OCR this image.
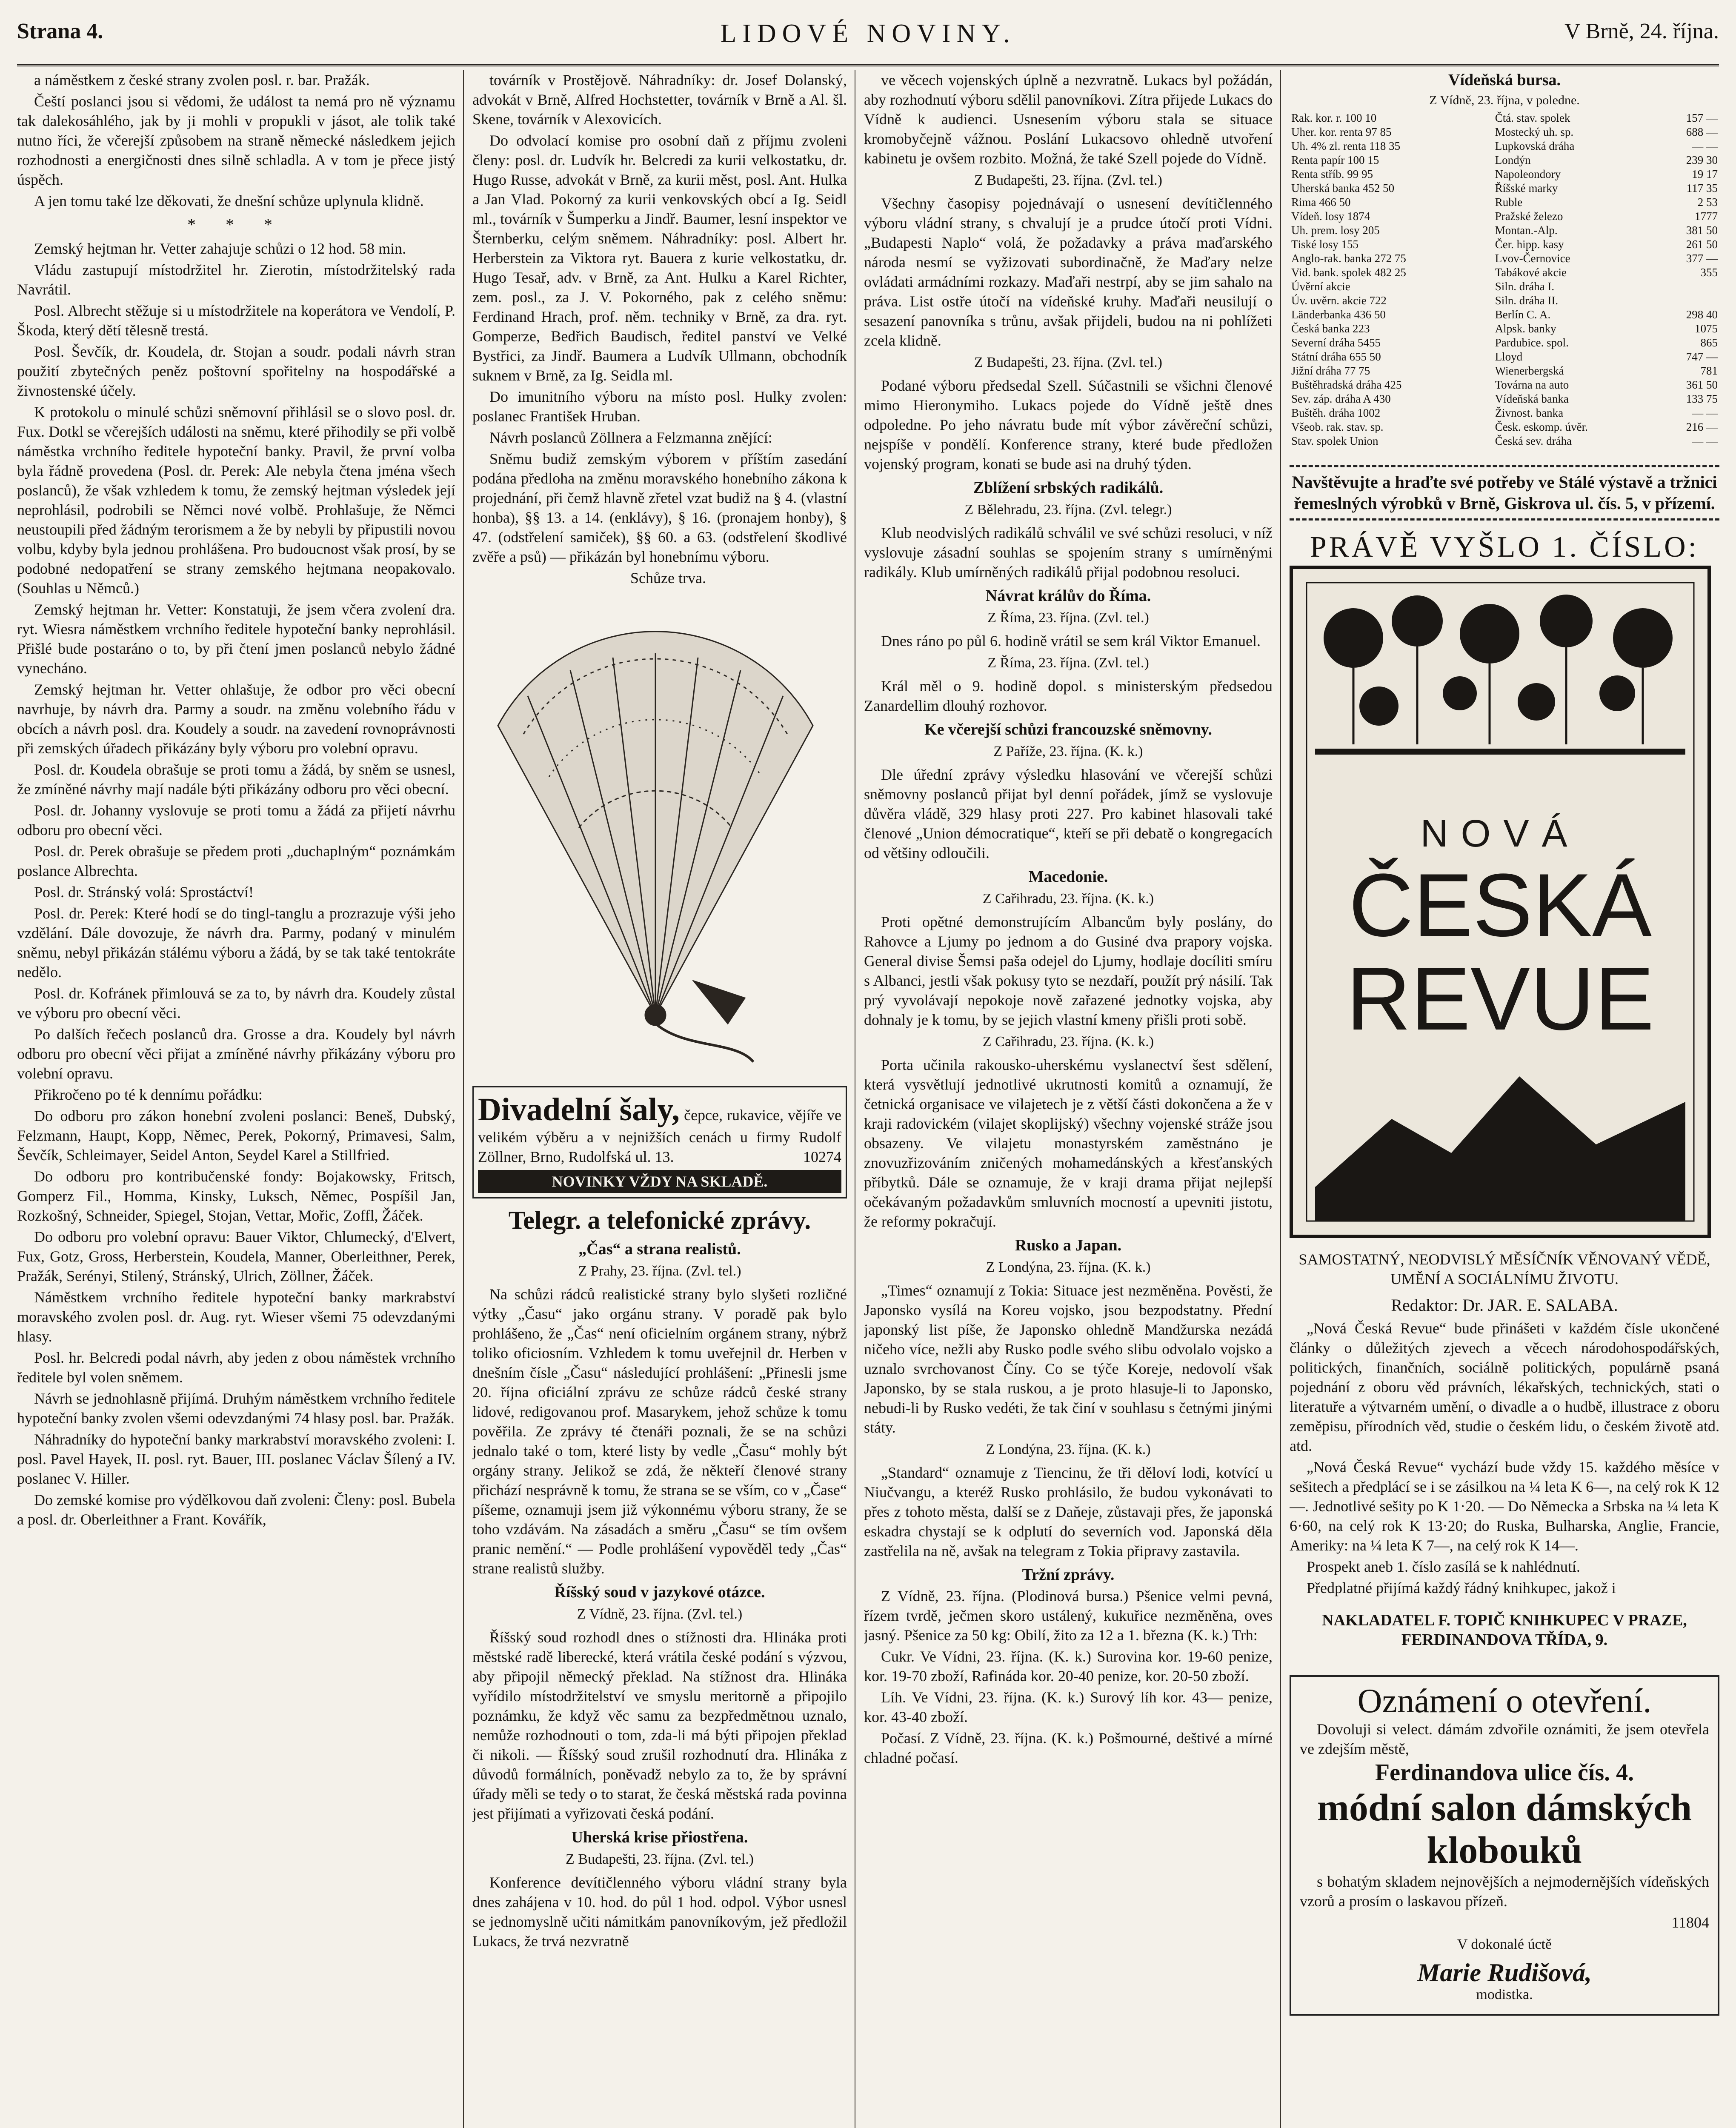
Strana 4.	LIDOVÉ NOVINY.	V Brně, 24. října.

a náměstkem z české strany zvolen posl. r. bar. Pražák.

Čeští poslanci jsou si vědomi, že událost ta nemá pro ně významu tak dalekosáhlého, jak by ji mohli v propukli v jásot, ale tolik také nutno říci, že včerejší způsobem na straně německé následkem jejich rozhodnosti a energičnosti dnes silně schladla. A v tom je přece jistý úspěch.

A jen tomu také lze děkovati, že dnešní schůze uplynula klidně.

* * *

Zemský hejtman hr. Vetter zahajuje schůzi o 12 hod. 58 min.

Vládu zastupují místodržitel hr. Zierotin, místodržitelský rada Navrátil.

Posl. Albrecht stěžuje si u místodržitele na koperátora ve Vendolí, P. Škoda, který dětí tělesně trestá.

Posl. Ševčík, dr. Koudela, dr. Stojan a soudr. podali návrh stran použití zbytečných peněz poštovní spořitelny na hospodářské a živnostenské účely.

K protokolu o minulé schůzi sněmovní přihlásil se o slovo posl. dr. Fux. Dotkl se včerejších události na sněmu, které přihodily se při volbě náměstka vrchního ředitele hypoteční banky. Pravil, že první volba byla řádně provedena (Posl. dr. Perek: Ale nebyla čtena jména všech poslanců), že však vzhledem k tomu, že zemský hejtman výsledek její neprohlásil, podrobili se Němci nové volbě. Prohlašuje, že Němci neustoupili před žádným terorismem a že by nebyli by připustili novou volbu, kdyby byla jednou prohlášena. Pro budoucnost však prosí, by se podobné nedopatření se strany zemského hejtmana neopakovalo. (Souhlas u Němců.)

Zemský hejtman hr. Vetter: Konstatuji, že jsem včera zvolení dra. ryt. Wiesra náměstkem vrchního ředitele hypoteční banky neprohlásil. Přišlé bude postaráno o to, by při čtení jmen poslanců nebylo žádné vynecháno.

Zemský hejtman hr. Vetter ohlašuje, že odbor pro věci obecní navrhuje, by návrh dra. Parmy a soudr. na změnu volebního řádu v obcích a návrh posl. dra. Koudely a soudr. na zavedení rovnoprávnosti při zemských úřadech přikázány byly výboru pro volební opravu.

Posl. dr. Koudela obrašuje se proti tomu a žádá, by sněm se usnesl, že zmíněné návrhy mají nadále býti přikázány odboru pro věci obecní.

Posl. dr. Johanny vyslovuje se proti tomu a žádá za přijetí návrhu odboru pro obecní věci.

Posl. dr. Perek obrašuje se předem proti „duchaplným“ poznámkám poslance Albrechta.

Posl. dr. Stránský volá: Sprostáctví!

Posl. dr. Perek: Které hodí se do tingl-tanglu a prozrazuje výši jeho vzdělání. Dále dovozuje, že návrh dra. Parmy, podaný v minulém sněmu, nebyl přikázán stálému výboru a žádá, by se tak také tentokráte nedělo.

Posl. dr. Kofránek přimlouvá se za to, by návrh dra. Koudely zůstal ve výboru pro obecní věci.

Po dalších řečech poslanců dra. Grosse a dra. Koudely byl návrh odboru pro obecní věci přijat a zmíněné návrhy přikázány výboru pro volební opravu.

Přikročeno po té k dennímu pořádku:

Do odboru pro zákon honební zvoleni poslanci: Beneš, Dubský, Felzmann, Haupt, Kopp, Němec, Perek, Pokorný, Primavesi, Salm, Ševčík, Schleimayer, Seidel Anton, Seydel Karel a Stillfried.

Do odboru pro kontribučenské fondy: Bojakowsky, Fritsch, Gomperz Fil., Homma, Kinsky, Luksch, Němec, Pospíšil Jan, Rozkošný, Schneider, Spiegel, Stojan, Vettar, Mořic, Zoffl, Žáček.

Do odboru pro volební opravu: Bauer Viktor, Chlumecký, d'Elvert, Fux, Gotz, Gross, Herberstein, Koudela, Manner, Oberleithner, Perek, Pražák, Serényi, Stilený, Stránský, Ulrich, Zöllner, Žáček.

Náměstkem vrchního ředitele hypoteční banky markrabství moravského zvolen posl. dr. Aug. ryt. Wieser všemi 75 odevzdanými hlasy.

Posl. hr. Belcredi podal návrh, aby jeden z obou náměstek vrchního ředitele byl volen sněmem.

Návrh se jednohlasně přijímá. Druhým náměstkem vrchního ředitele hypoteční banky zvolen všemi odevzdanými 74 hlasy posl. bar. Pražák.

Náhradníky do hypoteční banky markrabství moravského zvoleni: I. posl. Pavel Hayek, II. posl. ryt. Bauer, III. poslanec Václav Šílený a IV. poslanec V. Hiller.

Do zemské komise pro výdělkovou daň zvoleni: Členy: posl. Bubela a posl. dr. Oberleithner a Frant. Kovářík,

továrník v Prostějově. Náhradníky: dr. Josef Dolanský, advokát v Brně, Alfred Hochstetter, továrník v Brně a Al. šl. Skene, továrník v Alexovicích.

Do odvolací komise pro osobní daň z příjmu zvoleni členy: posl. dr. Ludvík hr. Belcredi za kurii velkostatku, dr. Hugo Russe, advokát v Brně, za kurii měst, posl. Ant. Hulka a Jan Vlad. Pokorný za kurii venkovských obcí a Ig. Seidl ml., továrník v Šumperku a Jindř. Baumer, lesní inspektor ve Šternberku, celým sněmem. Náhradníky: posl. Albert hr. Herberstein za Viktora ryt. Bauera z kurie velkostatku, dr. Hugo Tesař, adv. v Brně, za Ant. Hulku a Karel Richter, zem. posl., za J. V. Pokorného, pak z celého sněmu: Ferdinand Hrach, prof. něm. techniky v Brně, za dra. ryt. Gomperze, Bedřich Baudisch, ředitel panství ve Velké Bystřici, za Jindř. Baumera a Ludvík Ullmann, obchodník suknem v Brně, za Ig. Seidla ml.

Do imunitního výboru na místo posl. Hulky zvolen: poslanec František Hruban.

Návrh poslanců Zöllnera a Felzmanna znějící:

Sněmu budiž zemským výborem v příštím zasedání podána předloha na změnu moravského honebního zákona k projednání, při čemž hlavně zřetel vzat budiž na § 4. (vlastní honba), §§ 13. a 14. (enklávy), § 16. (pronajem honby), § 47. (odstřelení samiček), §§ 60. a 63. (odstřelení škodlivé zvěře a psů) — přikázán byl honebnímu výboru.

Schůze trva.

Divadelní šaly, čepce, rukavice, vějíře ve velikém výběru a v nejnižších cenách u firmy Rudolf Zöllner, Brno, Rudolfská ul. 13.	10274
NOVINKY VŽDY NA SKLADĚ.
Telegr. a telefonické zprávy.
„Čas“ a strana realistů.
Z Prahy, 23. října. (Zvl. tel.)

Na schůzi rádců realistické strany bylo slyšeti rozličné výtky „Času“ jako orgánu strany. V poradě pak bylo prohlášeno, že „Čas“ není oficielním orgánem strany, nýbrž toliko oficiosním. Vzhledem k tomu uveřejnil dr. Herben v dnešním čísle „Času“ následující prohlášení: „Přinesli jsme 20. října oficiální zprávu ze schůze rádců české strany lidové, redigovanou prof. Masarykem, jehož schůze k tomu pověřila. Ze zprávy té čtenáři poznali, že se na schůzi jednalo také o tom, které listy by vedle „Času“ mohly být orgány strany. Jelikož se zdá, že někteří členové strany přichází nesprávně k tomu, že strana se se vším, co v „Čase“ píšeme, oznamuji jsem již výkonnému výboru strany, že se toho vzdávám. Na zásadách a směru „Času“ se tím ovšem pranic nemění.“ — Podle prohlášení vypověděl tedy „Čas“ strane realistů služby.

Říšský soud v jazykové otázce.
Z Vídně, 23. října. (Zvl. tel.)

Říšský soud rozhodl dnes o stížnosti dra. Hlináka proti městské radě liberecké, která vrátila české podání s výzvou, aby připojil německý překlad. Na stížnost dra. Hlináka vyřídilo místodržitelství ve smyslu meritorně a připojilo poznámku, že když věc samu za bezpředmětnou uznalo, nemůže rozhodnouti o tom, zda-li má býti připojen překlad či nikoli. — Říšský soud zrušil rozhodnutí dra. Hlináka z důvodů formálních, poněvadž nebylo za to, že by správní úřady měli se tedy o to starat, že česká městská rada povinna jest přijímati a vyřizovati česká podání.

Uherská krise přiostřena.
Z Budapešti, 23. října. (Zvl. tel.)

Konference devítičlenného výboru vládní strany byla dnes zahájena v 10. hod. do půl 1 hod. odpol. Výbor usnesl se jednomyslně učiti námitkám panovníkovým, jež předložil Lukacs, že trvá nezvratně

ve věcech vojenských úplně a nezvratně. Lukacs byl požádán, aby rozhodnutí výboru sdělil panovníkovi. Zítra přijede Lukacs do Vídně k audienci. Usnesením výboru stala se situace kromobyčejně vážnou. Poslání Lukacsovo ohledně utvoření kabinetu je ovšem rozbito. Možná, že také Szell pojede do Vídně.

Z Budapešti, 23. října. (Zvl. tel.)

Všechny časopisy pojednávají o usnesení devítičlenného výboru vládní strany, s chvalují je a prudce útočí proti Vídni. „Budapesti Naplo“ volá, že požadavky a práva maďarského národa nesmí se vyžizovati subordinačně, že Maďary nelze ovládati armádními rozkazy. Maďaři nestrpí, aby se jim sahalo na práva. List ostře útočí na vídeňské kruhy. Maďaři neusilují o sesazení panovníka s trůnu, avšak přijdeli, budou na ni pohlížeti zcela klidně.

Z Budapešti, 23. října. (Zvl. tel.)

Podané výboru předsedal Szell. Súčastnili se všichni členové mimo Hieronymiho. Lukacs pojede do Vídně ještě dnes odpoledne. Po jeho návratu bude mít výbor závěreční schůzi, nejspíše v pondělí. Konference strany, které bude předložen vojenský program, konati se bude asi na druhý týden.

Zblížení srbských radikálů.
Z Bělehradu, 23. října. (Zvl. telegr.)

Klub neodvislých radikálů schválil ve své schůzi resoluci, v níž vyslovuje zásadní souhlas se spojením strany s umírněnými radikály. Klub umírněných radikálů přijal podobnou resoluci.

Návrat králův do Říma.
Z Říma, 23. října. (Zvl. tel.)

Dnes ráno po půl 6. hodině vrátil se sem král Viktor Emanuel.

Z Říma, 23. října. (Zvl. tel.)

Král měl o 9. hodině dopol. s ministerským předsedou Zanardellim dlouhý rozhovor.

Ke včerejší schůzi francouzské sněmovny.
Z Paříže, 23. října. (K. k.)

Dle úřední zprávy výsledku hlasování ve včerejší schůzi sněmovny poslanců přijat byl denní pořádek, jímž se vyslovuje důvěra vládě, 329 hlasy proti 227. Pro kabinet hlasovali také členové „Union démocratique“, kteří se při debatě o kongregacích od většiny odloučili.

Macedonie.
Z Cařihradu, 23. října. (K. k.)

Proti opětné demonstrujícím Albancům byly poslány, do Rahovce a Ljumy po jednom a do Gusiné dva prapory vojska. General divise Šemsi paša odejel do Ljumy, hodlaje docíliti smíru s Albanci, jestli však pokusy tyto se nezdaří, použít prý násilí. Tak prý vyvolávají nepokoje nově zařazené jednotky vojska, aby dohnaly je k tomu, by se jejich vlastní kmeny přišli proti sobě.

Z Cařihradu, 23. října. (K. k.)

Porta učinila rakousko-uherskému vyslanectví šest sdělení, která vysvětlují jednotlivé ukrutnosti komitů a oznamují, že četnická organisace ve vilajetech je z větší části dokončena a že v kraji radovickém (vilajet skoplijský) všechny vojenské stráže jsou obsazeny. Ve vilajetu monastyrském zaměstnáno je znovuzřizováním zničených mohamedánských a křesťanských příbytků. Dále se oznamuje, že v kraji drama přijat nejlepší očekávaným požadavkům smluvních mocností a upevniti jistotu, že reformy pokračují.

Rusko a Japan.
Z Londýna, 23. října. (K. k.)

„Times“ oznamují z Tokia: Situace jest nezměněna. Pověsti, že Japonsko vysílá na Koreu vojsko, jsou bezpodstatny. Přední japonský list píše, že Japonsko ohledně Mandžurska nezádá ničeho více, nežli aby Rusko podle svého slibu odvolalo vojsko a uznalo svrchovanost Číny. Co se týče Koreje, nedovolí však Japonsko, by se stala ruskou, a je proto hlasuje-li to Japonsko, nebudi-li by Rusko vedéti, že tak činí v souhlasu s četnými jinými státy.

Z Londýna, 23. října. (K. k.)

„Standard“ oznamuje z Tiencinu, že tři děloví lodi, kotvící u Niučvangu, a kteréž Rusko prohlásilo, že budou vykonávati to přes z tohoto města, další se z Daňeje, zůstavaji přes, že japonská eskadra chystají se k odplutí do severních vod. Japonská děla zastřelila na ně, avšak na telegram z Tokia připravy zastavila.

Tržní zprávy.

Z Vídně, 23. října. (Plodinová bursa.) Pšenice velmi pevná, řízem tvrdě, ječmen skoro ustálený, kukuřice nezměněna, oves jasný. Pšenice za 50 kg: Obilí, žito za 12 a 1. března (K. k.) Trh:

Cukr. Ve Vídni, 23. října. (K. k.) Surovina kor. 19-60 penize, kor. 19-70 zboží, Rafináda kor. 20-40 penize, kor. 20-50 zboží.

Líh. Ve Vídni, 23. října. (K. k.) Surový líh kor. 43— penize, kor. 43-40 zboží.

Počasí. Z Vídně, 23. října. (K. k.) Pošmourné, deštivé a mírné chladné počasí.

Vídeňská bursa.
Z Vídně, 23. října, v poledne.
Rak. kor. r. 100 10	Čtá. stav. spolek	157 —
Uher. kor. renta 97 85	Mostecký uh. sp.	688 —
Uh. 4% zl. renta 118 35	Lupkovská dráha	— —
Renta papír 100 15	Londýn	239 30
Renta stříb. 99 95	Napoleondory	19 17
Uherská banka 452 50	Říšské marky	117 35
Rima 466 50	Ruble	2 53
Vídeň. losy 1874	Pražské železo	1777
Uh. prem. losy 205	Montan.-Alp.	381 50
Tiské losy 155	Čer. hipp. kasy	261 50
Anglo-rak. banka 272 75	Lvov-Černovice	377 —
Vid. bank. spolek 482 25	Tabákové akcie	355
Úvěrní akcie	Siln. dráha I.	
Úv. uvěrn. akcie 722	Siln. dráha II.	
Länderbanka 436 50	Berlín C. A.	298 40
Česká banka 223	Alpsk. banky	1075
Severní dráha 5455	Pardubice. spol.	865
Státní dráha 655 50	Lloyd	747 —
Jižní dráha 77 75	Wienerbergská	781
Buštěhradská dráha 425	Továrna na auto	361 50
Sev. záp. dráha A 430	Vídeňská banka	133 75
Buštěh. dráha 1002	Živnost. banka	— —
Všeob. rak. stav. sp.	Česk. eskomp. úvěr.	216 —
Stav. spolek Union	Česká sev. dráha	— —
Navštěvujte a hraďte své potřeby ve Stálé výstavě a tržnici řemeslných výrobků v Brně, Giskrova ul. čís. 5, v přízemí.
PRÁVĚ VYŠLO 1. ČÍSLO:
NOVÁ
ČESKÁ
REVUE
SAMOSTATNÝ, NEODVISLÝ MĚSÍČNÍK VĚNOVANÝ VĚDĚ, UMĚNÍ A SOCIÁLNÍMU ŽIVOTU.
Redaktor: Dr. JAR. E. SALABA.

„Nová Česká Revue“ bude přinášeti v každém čísle ukončené články o důležitých zjevech a věcech národohospodářských, politických, finančních, sociálně politických, populárně psaná pojednání z oboru věd právních, lékařských, technických, stati o literatuře a výtvarném umění, o divadle a o hudbě, illustrace z oboru zeměpisu, přírodních věd, studie o českém lidu, o českém životě atd. atd.

„Nová Česká Revue“ vychází bude vždy 15. každého měsíce v sešitech a předplácí se i se zásilkou na ¼ leta K 6—, na celý rok K 12—. Jednotlivé sešity po K 1·20. — Do Německa a Srbska na ¼ leta K 6·60, na celý rok K 13·20; do Ruska, Bulharska, Anglie, Francie, Ameriky: na ¼ leta K 7—, na celý rok K 14—.

Prospekt aneb 1. číslo zasílá se k nahlédnutí.

Předplatné přijímá každý řádný knihkupec, jakož i

NAKLADATEL F. TOPIČ KNIHKUPEC V PRAZE, FERDINANDOVA TŘÍDA, 9.
Oznámení o otevření.

Dovoluji si velect. dámám zdvořile oznámiti, že jsem otevřela ve zdejším městě,

Ferdinandova ulice čís. 4.
módní salon dámských klobouků

s bohatým skladem nejnovějších a nejmodernějších vídeňských vzorů a prosím o laskavou přízeň.

11804
V dokonalé úctě
Marie Rudišová,
modistka.
